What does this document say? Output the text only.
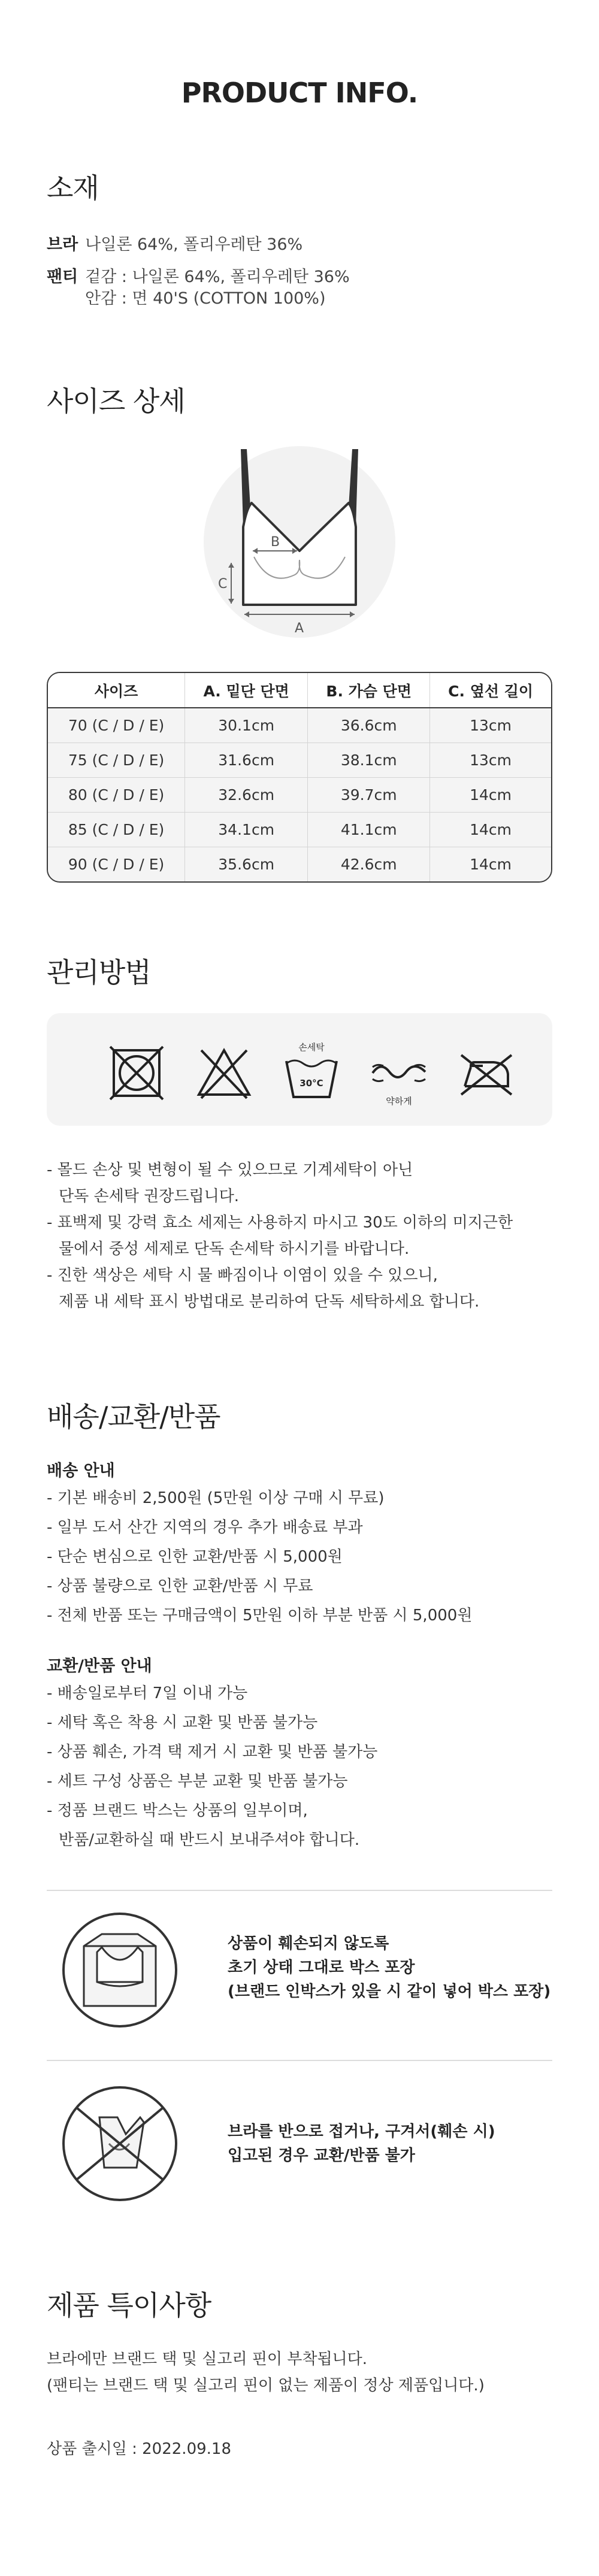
PRODUCT INFO.
소재
브라 나일론 64%, 폴리우레탄 36%
팬티 겉감 : 나일론 64%, 폴리우레탄 36%
안감 : 면 40'S (COTTON 100%)
사이즈 상세
B
C
A
사이즈	A. 밑단 단면	B. 가슴 단면	C. 옆선 길이
70 (C / D / E)	30.1cm	36.6cm	13cm
75 (C / D / E)	31.6cm	38.1cm	13cm
80 (C / D / E)	32.6cm	39.7cm	14cm
85 (C / D / E)	34.1cm	41.1cm	14cm
90 (C / D / E)	35.6cm	42.6cm	14cm
관리방법
손세탁
30°C
약하게
- 몰드 손상 및 변형이 될 수 있으므로 기계세탁이 아닌
단독 손세탁 권장드립니다.
- 표백제 및 강력 효소 세제는 사용하지 마시고 30도 이하의 미지근한
물에서 중성 세제로 단독 손세탁 하시기를 바랍니다.
- 진한 색상은 세탁 시 물 빠짐이나 이염이 있을 수 있으니,
제품 내 세탁 표시 방법대로 분리하여 단독 세탁하세요 합니다.
배송/교환/반품
배송 안내
- 기본 배송비 2,500원 (5만원 이상 구매 시 무료)
- 일부 도서 산간 지역의 경우 추가 배송료 부과
- 단순 변심으로 인한 교환/반품 시 5,000원
- 상품 불량으로 인한 교환/반품 시 무료
- 전체 반품 또는 구매금액이 5만원 이하 부분 반품 시 5,000원
교환/반품 안내
- 배송일로부터 7일 이내 가능
- 세탁 혹은 착용 시 교환 및 반품 불가능
- 상품 훼손, 가격 택 제거 시 교환 및 반품 불가능
- 세트 구성 상품은 부분 교환 및 반품 불가능
- 정품 브랜드 박스는 상품의 일부이며,
반품/교환하실 때 반드시 보내주셔야 합니다.
상품이 훼손되지 않도록
초기 상태 그대로 박스 포장
(브랜드 인박스가 있을 시 같이 넣어 박스 포장)
브라를 반으로 접거나, 구겨서(훼손 시)
입고된 경우 교환/반품 불가
제품 특이사항
브라에만 브랜드 택 및 실고리 핀이 부착됩니다.
(팬티는 브랜드 택 및 실고리 핀이 없는 제품이 정상 제품입니다.)
상품 출시일 : 2022.09.18
